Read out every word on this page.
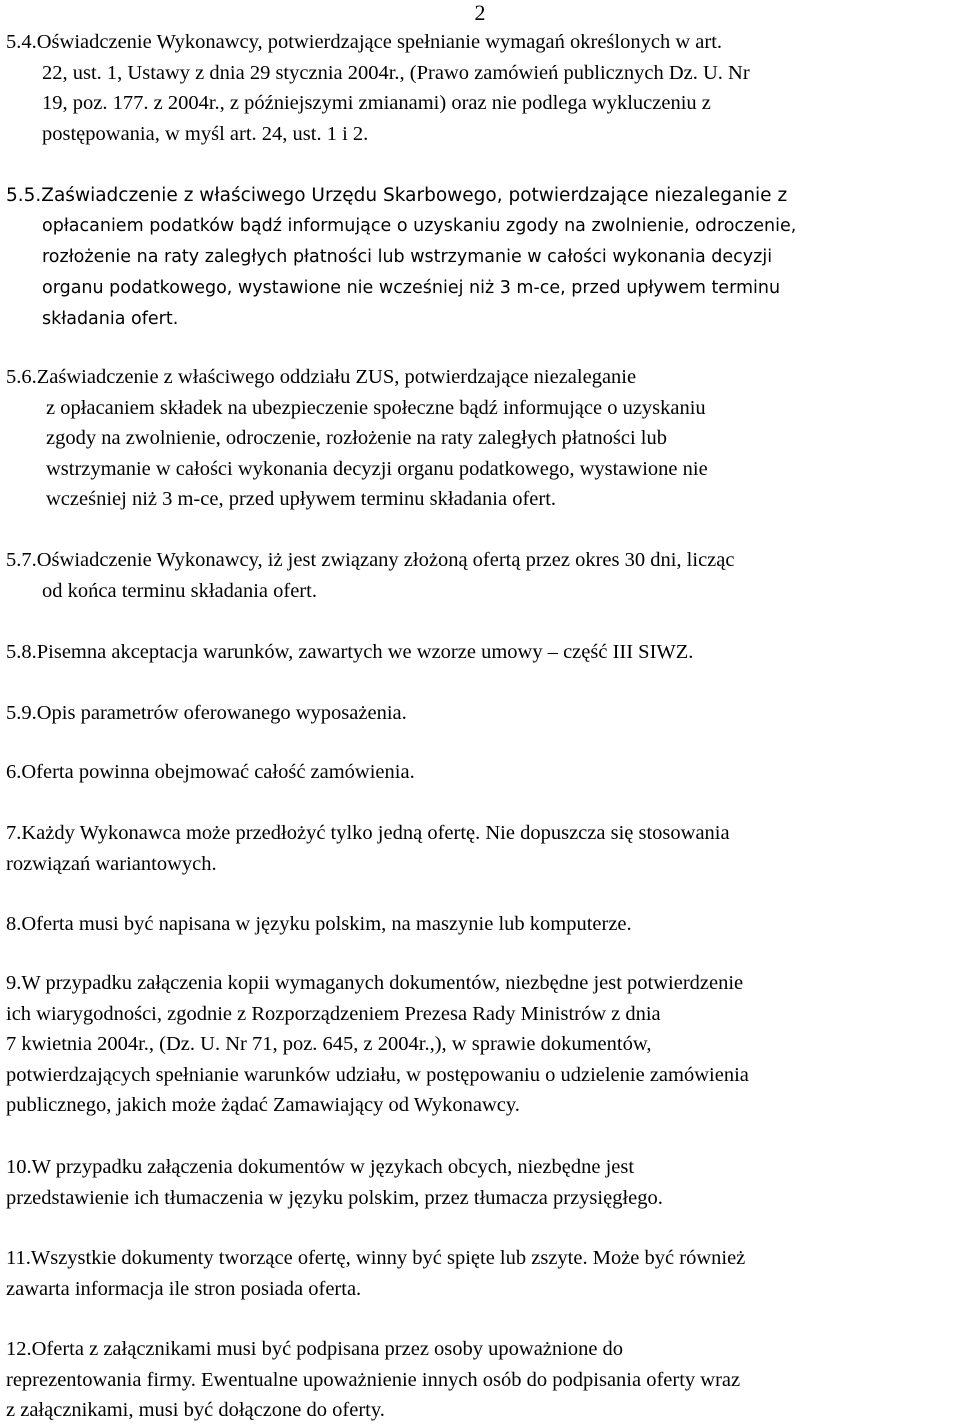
2
5.4.Oświadczenie Wykonawcy, potwierdzające spełnianie wymagań określonych w art.
22, ust. 1, Ustawy z dnia 29 stycznia 2004r., (Prawo zamówień publicznych Dz. U. Nr
19, poz. 177. z 2004r., z późniejszymi zmianami) oraz nie podlega wykluczeniu z
postępowania, w myśl art. 24, ust. 1 i 2.
5.5.Zaświadczenie z właściwego Urzędu Skarbowego, potwierdzające niezaleganie z
opłacaniem podatków bądź informujące o uzyskaniu zgody na zwolnienie, odroczenie,
rozłożenie na raty zaległych płatności lub wstrzymanie w całości wykonania decyzji
organu podatkowego, wystawione nie wcześniej niż 3 m-ce, przed upływem terminu
składania ofert.
5.6.Zaświadczenie z właściwego oddziału ZUS, potwierdzające niezaleganie
z opłacaniem składek na ubezpieczenie społeczne bądź informujące o uzyskaniu
zgody na zwolnienie, odroczenie, rozłożenie na raty zaległych płatności lub
wstrzymanie w całości wykonania decyzji organu podatkowego, wystawione nie
wcześniej niż 3 m-ce, przed upływem terminu składania ofert.
5.7.Oświadczenie Wykonawcy, iż jest związany złożoną ofertą przez okres 30 dni, licząc
od końca terminu składania ofert.
5.8.Pisemna akceptacja warunków, zawartych we wzorze umowy – część III SIWZ.
5.9.Opis parametrów oferowanego wyposażenia.
6.Oferta powinna obejmować całość zamówienia.
7.Każdy Wykonawca może przedłożyć tylko jedną ofertę. Nie dopuszcza się stosowania
rozwiązań wariantowych.
8.Oferta musi być napisana w języku polskim, na maszynie lub komputerze.
9.W przypadku załączenia kopii wymaganych dokumentów, niezbędne jest potwierdzenie
ich wiarygodności, zgodnie z Rozporządzeniem Prezesa Rady Ministrów z dnia
7 kwietnia 2004r., (Dz. U. Nr 71, poz. 645, z 2004r.,), w sprawie dokumentów,
potwierdzających spełnianie warunków udziału, w postępowaniu o udzielenie zamówienia
publicznego, jakich może żądać Zamawiający od Wykonawcy.
10.W przypadku załączenia dokumentów w językach obcych, niezbędne jest
przedstawienie ich tłumaczenia w języku polskim, przez tłumacza przysięgłego.
11.Wszystkie dokumenty tworzące ofertę, winny być spięte lub zszyte. Może być również
zawarta informacja ile stron posiada oferta.
12.Oferta z załącznikami musi być podpisana przez osoby upoważnione do
reprezentowania firmy. Ewentualne upoważnienie innych osób do podpisania oferty wraz
z załącznikami, musi być dołączone do oferty.
